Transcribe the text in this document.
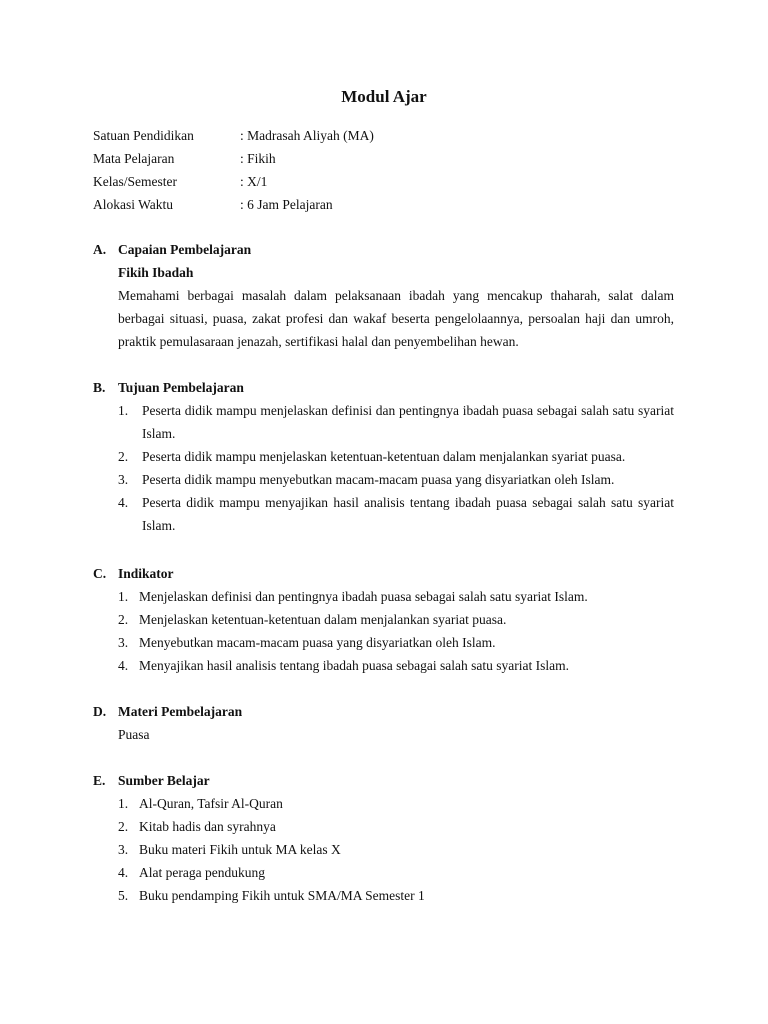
Modul Ajar
Satuan Pendidikan	: Madrasah Aliyah (MA)
Mata Pelajaran	: Fikih
Kelas/Semester	: X/1
Alokasi Waktu	: 6 Jam Pelajaran
A. Capaian Pembelajaran
Fikih Ibadah
Memahami berbagai masalah dalam pelaksanaan ibadah yang mencakup thaharah, salat dalam berbagai situasi, puasa, zakat profesi dan wakaf beserta pengelolaannya, persoalan haji dan umroh, praktik pemulasaraan jenazah, sertifikasi halal dan penyembelihan hewan.
B. Tujuan Pembelajaran
1.	Peserta didik mampu menjelaskan definisi dan pentingnya ibadah puasa sebagai salah satu syariat Islam.
2.	Peserta didik mampu menjelaskan ketentuan-ketentuan dalam menjalankan syariat puasa.
3.	Peserta didik mampu menyebutkan macam-macam puasa yang disyariatkan oleh Islam.
4.	Peserta didik mampu menyajikan hasil analisis tentang ibadah puasa sebagai salah satu syariat Islam.
C. Indikator
1. Menjelaskan definisi dan pentingnya ibadah puasa sebagai salah satu syariat Islam.
2. Menjelaskan ketentuan-ketentuan dalam menjalankan syariat puasa.
3. Menyebutkan macam-macam puasa yang disyariatkan oleh Islam.
4. Menyajikan hasil analisis tentang ibadah puasa sebagai salah satu syariat Islam.
D. Materi Pembelajaran
Puasa
E. Sumber Belajar
1. Al-Quran, Tafsir Al-Quran
2. Kitab hadis dan syrahnya
3. Buku materi Fikih untuk MA kelas X
4. Alat peraga pendukung
5. Buku pendamping Fikih untuk SMA/MA Semester 1
